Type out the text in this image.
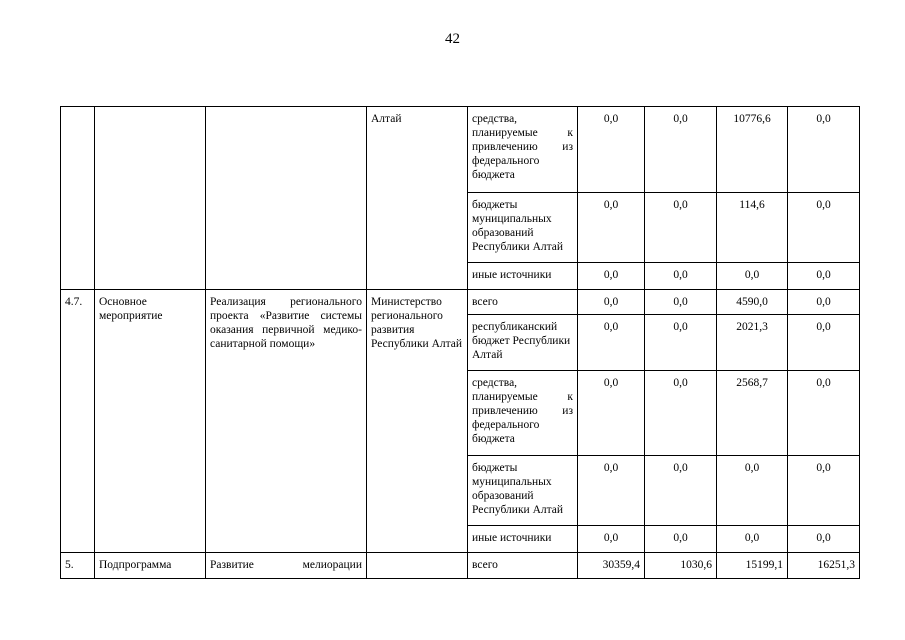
42
			Алтай	средства, планируемые к привлечению из федерального бюджета	0,0	0,0	10776,6	0,0
				бюджеты муниципальных образований Республики Алтай	0,0	0,0	114,6	0,0
				иные источники	0,0	0,0	0,0	0,0
4.7.	Основное мероприятие	Реализация регионального проекта «Развитие системы оказания первичной медико-санитарной помощи»	Министерство регионального развития Республики Алтай	всего	0,0	0,0	4590,0	0,0
				республиканский бюджет Республики Алтай	0,0	0,0	2021,3	0,0
				средства, планируемые к привлечению из федерального бюджета	0,0	0,0	2568,7	0,0
				бюджеты муниципальных образований Республики Алтай	0,0	0,0	0,0	0,0
				иные источники	0,0	0,0	0,0	0,0
5.	Подпрограмма	Развитие мелиорации		всего	30359,4	1030,6	15199,1	16251,3
